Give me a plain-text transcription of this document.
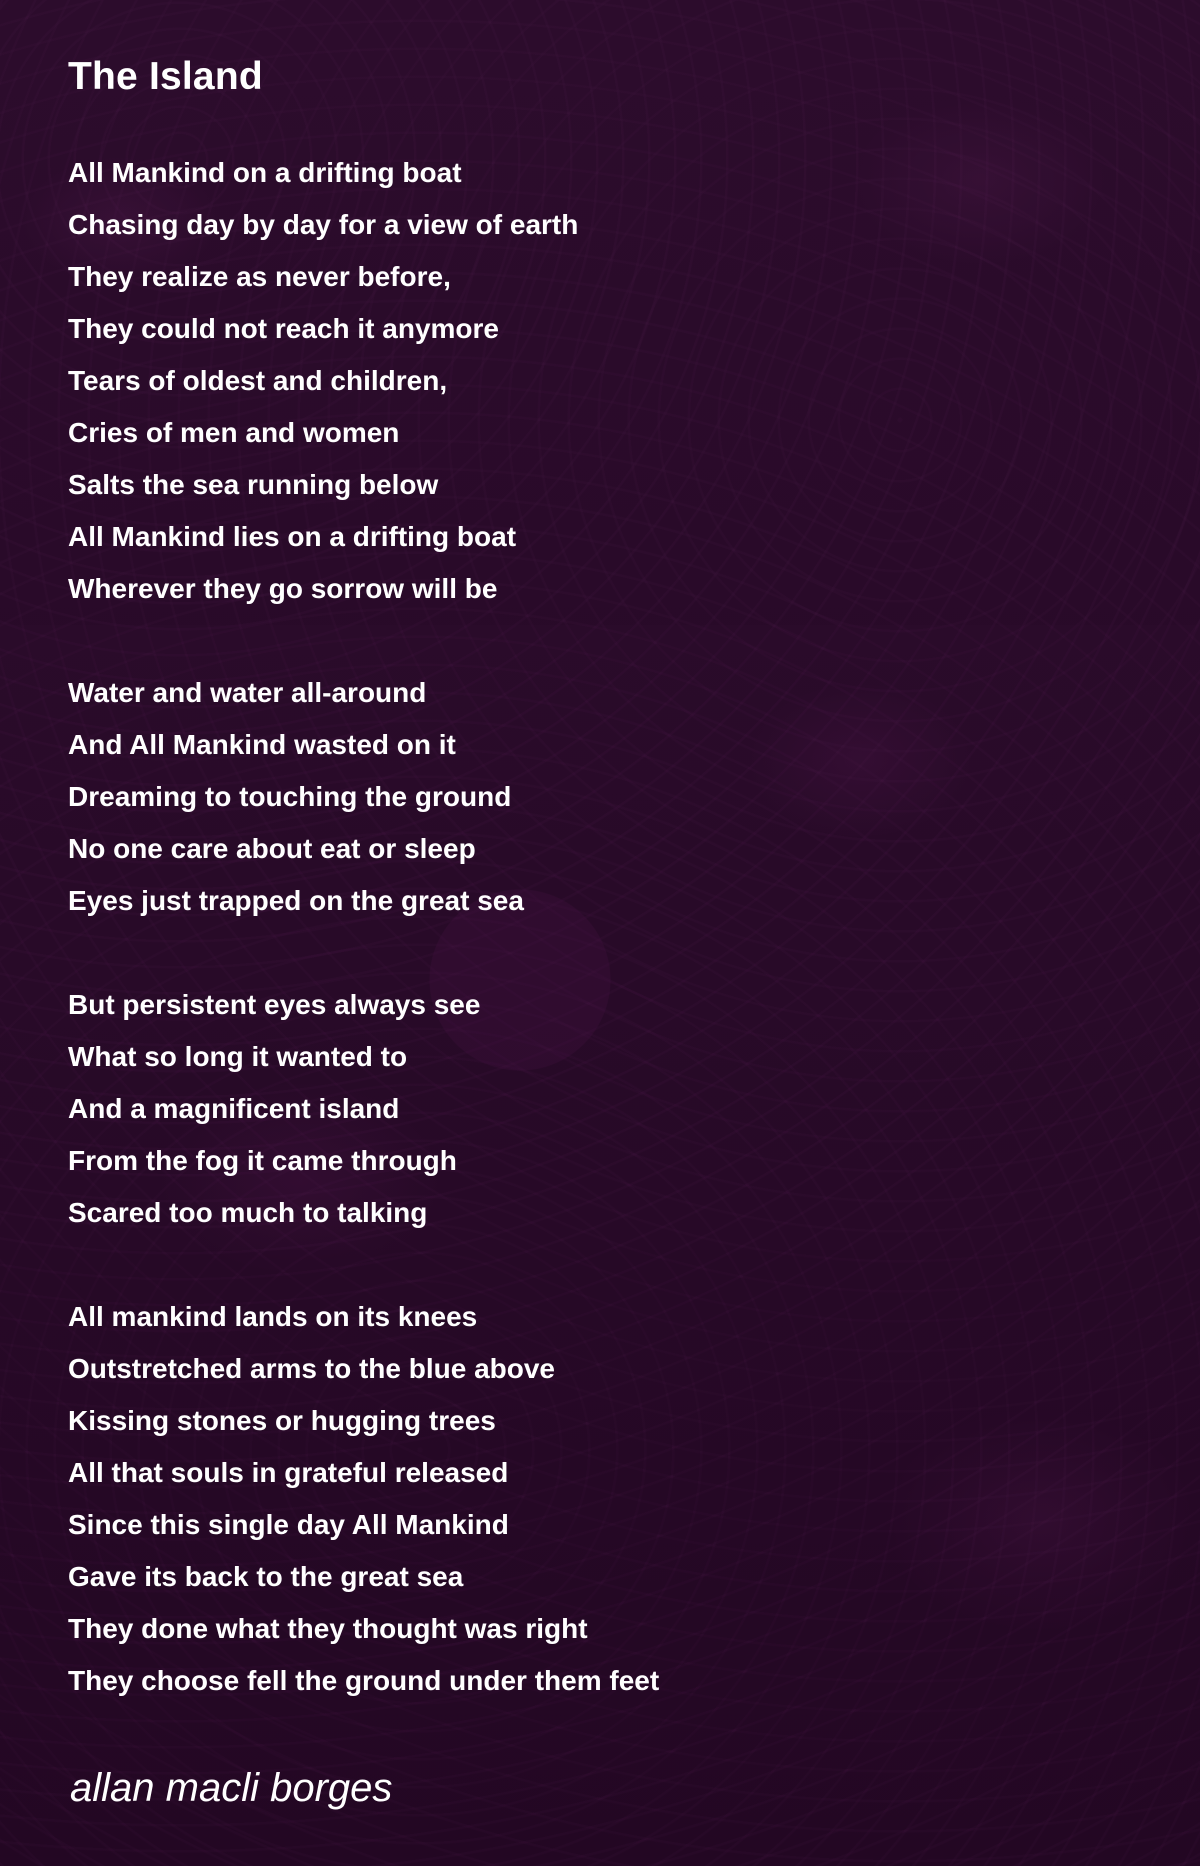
The Island
All Mankind on a drifting boat
Chasing day by day for a view of earth
They realize as never before,
They could not reach it anymore
Tears of oldest and children,
Cries of men and women
Salts the sea running below
All Mankind lies on a drifting boat
Wherever they go sorrow will be
Water and water all-around
And All Mankind wasted on it
Dreaming to touching the ground
No one care about eat or sleep
Eyes just trapped on the great sea
But persistent eyes always see
What so long it wanted to
And a magnificent island
From the fog it came through
Scared too much to talking
All mankind lands on its knees
Outstretched arms to the blue above
Kissing stones or hugging trees
All that souls in grateful released
Since this single day All Mankind
Gave its back to the great sea
They done what they thought was right
They choose fell the ground under them feet

allan macli borges
